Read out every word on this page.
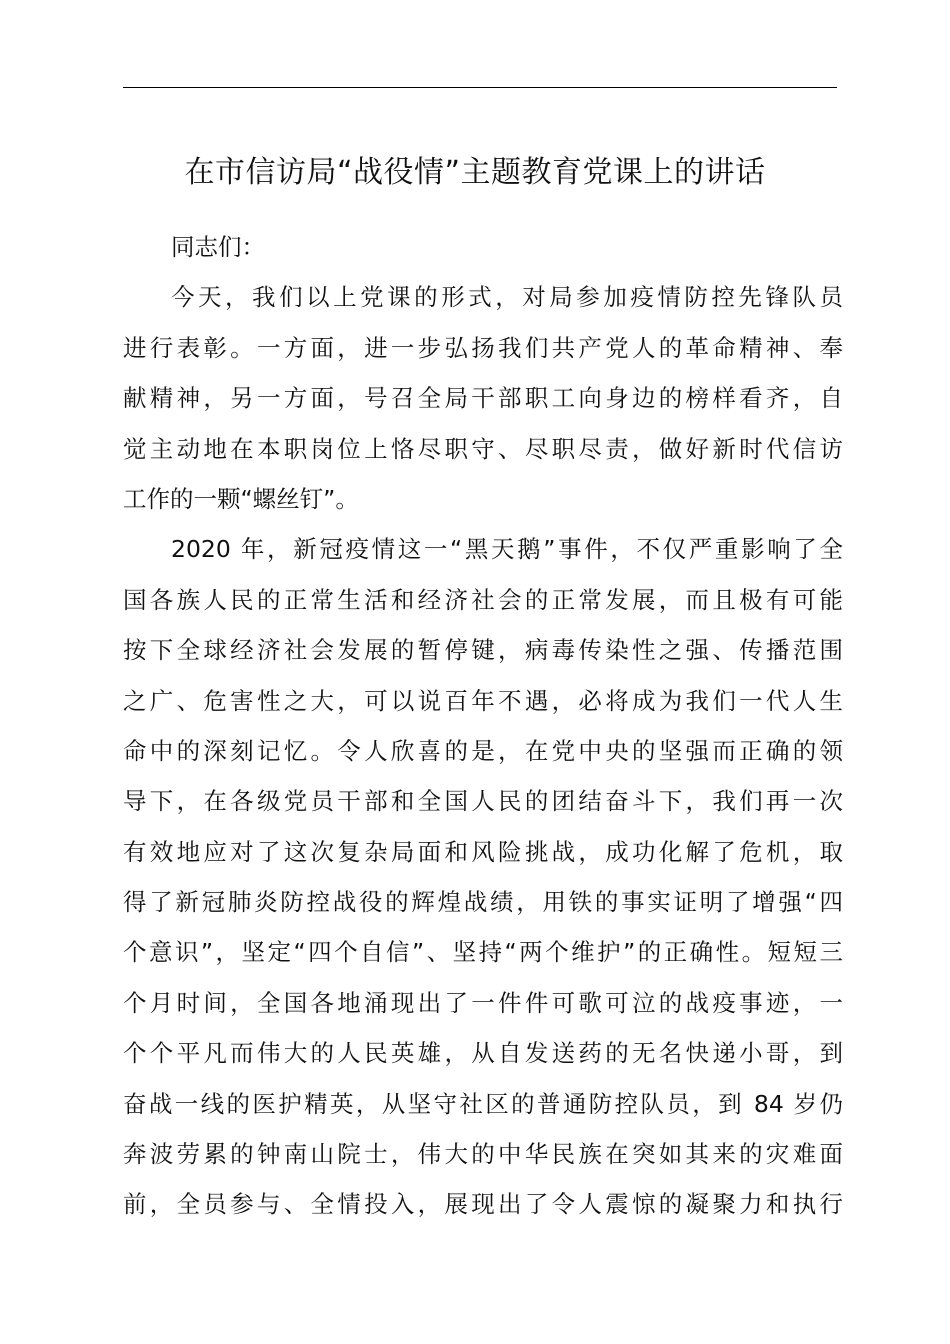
在市信访局“战役情”主题教育党课上的讲话
同志们：
今天，我们以上党课的形式，对局参加疫情防控先锋队员
进行表彰。一方面，进一步弘扬我们共产党人的革命精神、奉
献精神，另一方面，号召全局干部职工向身边的榜样看齐，自
觉主动地在本职岗位上恪尽职守、尽职尽责，做好新时代信访
工作的一颗“螺丝钉”。
2020 年，新冠疫情这一“黑天鹅”事件，不仅严重影响了全
国各族人民的正常生活和经济社会的正常发展，而且极有可能
按下全球经济社会发展的暂停键，病毒传染性之强、传播范围
之广、危害性之大，可以说百年不遇，必将成为我们一代人生
命中的深刻记忆。令人欣喜的是，在党中央的坚强而正确的领
导下，在各级党员干部和全国人民的团结奋斗下，我们再一次
有效地应对了这次复杂局面和风险挑战，成功化解了危机，取
得了新冠肺炎防控战役的辉煌战绩，用铁的事实证明了增强“四
个意识”，坚定“四个自信”、坚持“两个维护”的正确性。短短三
个月时间，全国各地涌现出了一件件可歌可泣的战疫事迹，一
个个平凡而伟大的人民英雄，从自发送药的无名快递小哥，到
奋战一线的医护精英，从坚守社区的普通防控队员，到 84 岁仍
奔波劳累的钟南山院士，伟大的中华民族在突如其来的灾难面
前，全员参与、全情投入，展现出了令人震惊的凝聚力和执行
